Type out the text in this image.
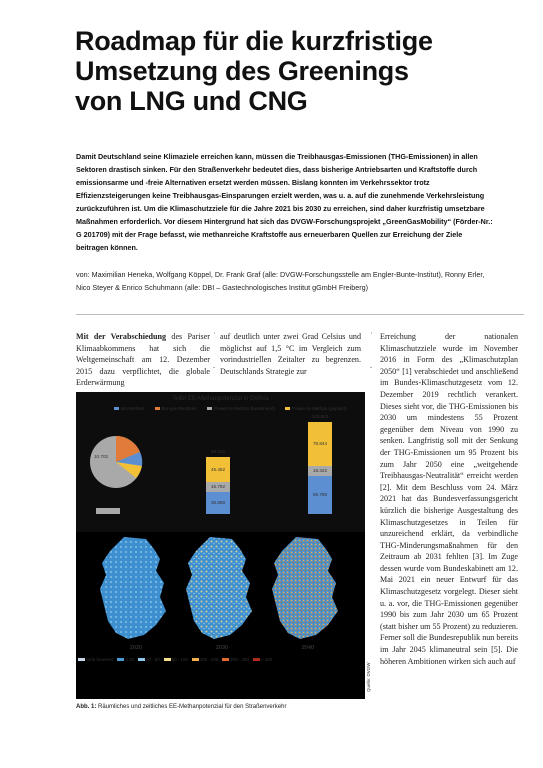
Roadmap für die kurzfristige
Umsetzung des Greenings
von LNG und CNG
Damit Deutschland seine Klimaziele erreichen kann, müssen die Treibhausgas-Emissionen (THG-Emissionen) in allen Sektoren drastisch sinken. Für den Straßenverkehr bedeutet dies, dass bisherige Antriebsarten und Kraftstoffe durch emissionsarme und -freie Alternativen ersetzt werden müssen. Bislang konnten im Verkehrssektor trotz Effizienzsteigerungen keine Treibhausgas-Einsparungen erzielt werden, was u. a. auf die zunehmende Verkehrsleistung zurückzuführen ist. Um die Klimaschutzziele für die Jahre 2021 bis 2030 zu erreichen, sind daher kurzfristig umsetzbare Maßnahmen erforderlich. Vor diesem Hintergrund hat sich das DVGW-Forschungsprojekt „GreenGasMobility“ (Förder-Nr.: G 201709) mit der Frage befasst, wie methanreiche Kraftstoffe aus erneuerbaren Quellen zur Erreichung der Ziele beitragen können.
von: Maximilian Heneka, Wolfgang Köppel, Dr. Frank Graf (alle: DVGW-Forschungsstelle am Engler-Bunte-Institut), Ronny Erler, Nico Steyer & Enrico Schuhmann (alle: DBI – Gastechnologisches Institut gGmbH Freiberg)
Mit der Verabschiedung des Pariser Klimaabkommens hat sich die Weltgemeinschaft am 12. Dezember 2015 dazu verpflichtet, die globale Erderwärmung
˙

.
auf deutlich unter zwei Grad Celsius und möglichst auf 1,5 °C im Vergleich zum vorindustriellen Zeitalter zu begrenzen. Deutschlands Strategie zur
˙

.
Erreichung der nationalen Klimaschutzziele wurde im November 2016 in Form des „Klimaschutzplan 2050“ [1] verabschiedet und anschließend im Bundes-Klimaschutzgesetz vom 12. Dezember 2019 rechtlich verankert. Dieses sieht vor, die THG-Emissionen bis 2030 um mindestens 55 Prozent gegenüber dem Niveau von 1990 zu senken. Langfristig soll mit der Senkung der THG-Emissionen um 95 Prozent bis zum Jahr 2050 eine „weitgehende Treibhausgas-Neutralität“ erreicht werden [2]. Mit dem Beschluss vom 24. März 2021 hat das Bundesverfassungsgericht kürzlich die bisherige Ausgestaltung des Klimaschutzgesetzes in Teilen für unzureichend erklärt, da verbindliche THG-Minderungsmaßnahmen für den Zeitraum ab 2031 fehlten [3]. Im Zuge dessen wurde vom Bundeskabinett am 12. Mai 2021 ein neuer Entwurf für das Klimaschutzgesetz vorgelegt. Dieser sieht u. a. vor, die THG-Emissionen gegenüber 1990 bis zum Jahr 2030 um 65 Prozent (statt bisher um 55 Prozent) zu reduzieren. Ferner soll die Bundesrepublik nun bereits im Jahr 2045 klimaneutral sein [5]. Die höheren Ambitionen wirken sich auch auf
Teilbt EE-Methanpotenzial in GWh/a
Bio-Methan	Bio-gas-Restmen	Power-to-Methan (bestehend)	Power-to-Methan (geplant)
10.702
35.858
16.792
46.452
99.102
66.796
18.342
78.844
163.982
2020	2030	2040
nicht bewertet	< 20	20 - 50	50 - 100	100 - 200	200 - 400	> 400
Quelle: DVGW
Abb. 1: Räumliches und zeitliches EE-Methanpotenzial für den Straßenverkehr
